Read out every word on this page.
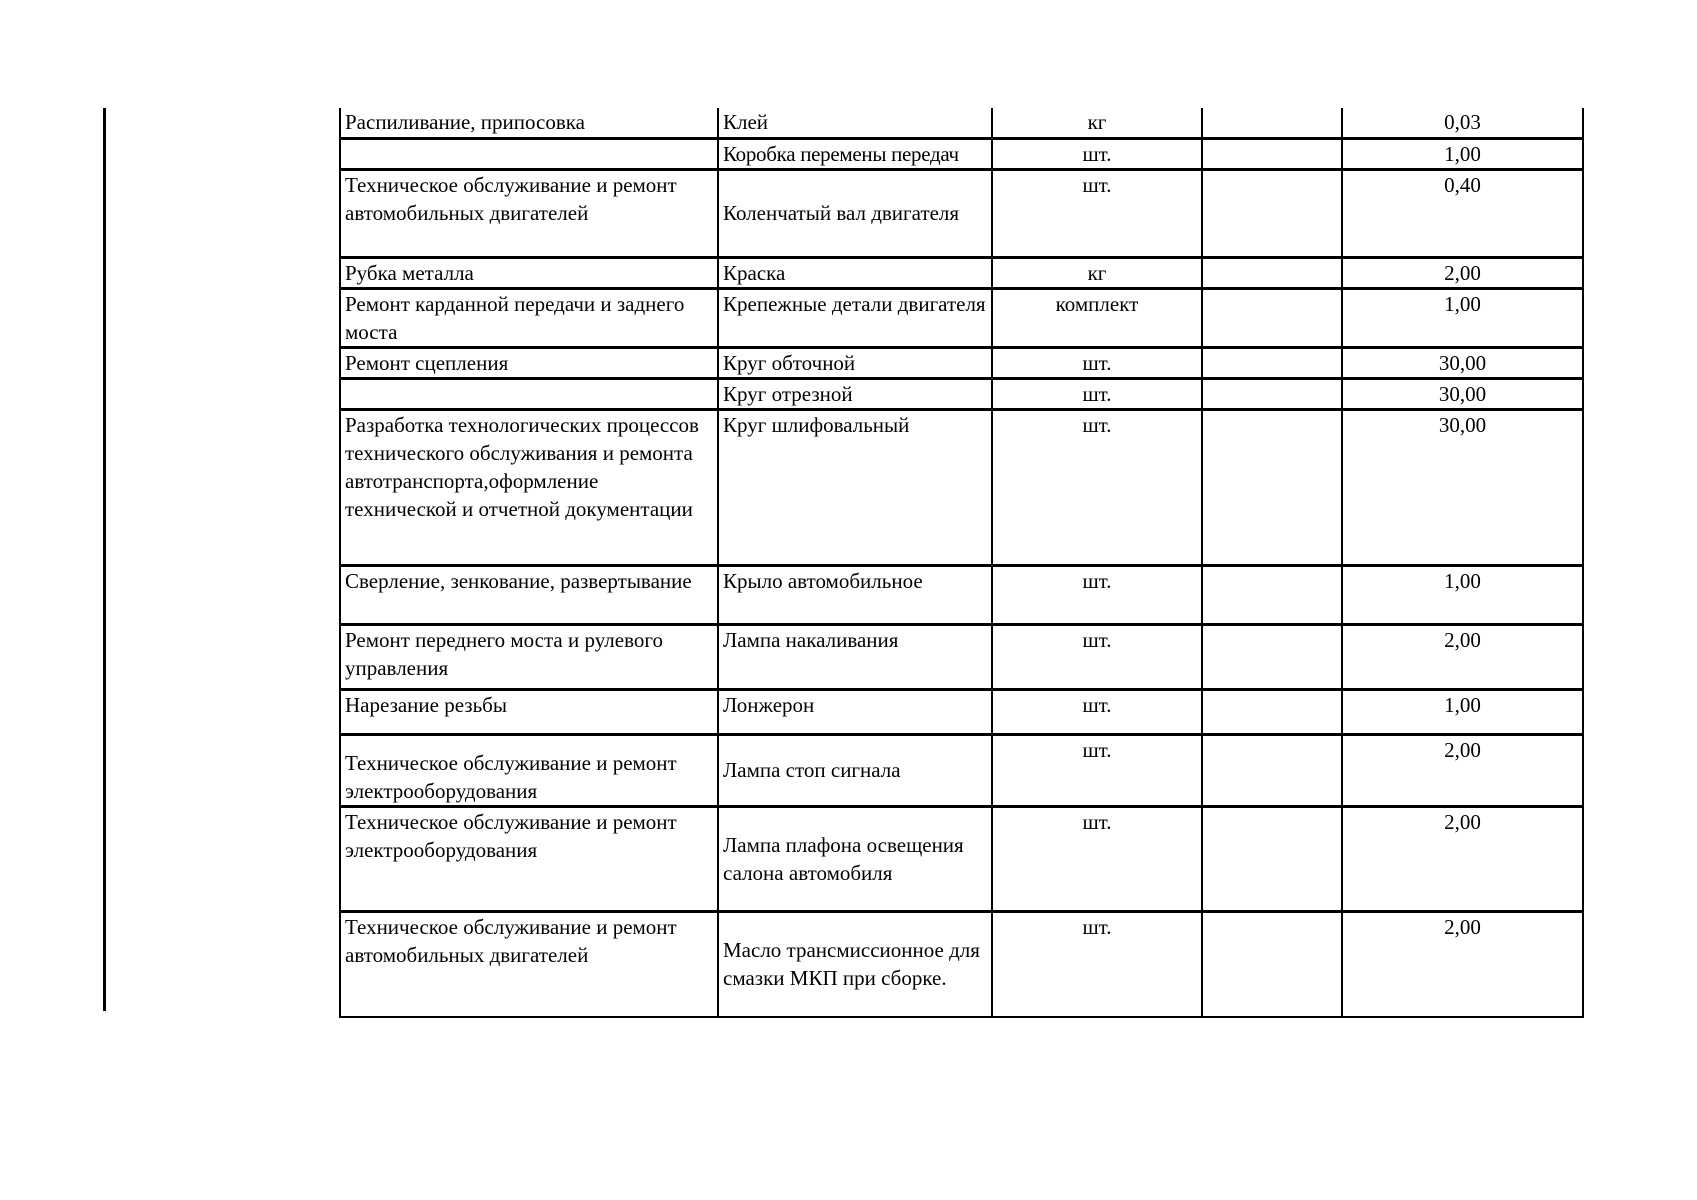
Распиливание, припосовка	Клей	кг		0,03
	Коробка перемены передач	шт.		1,00
Техническое обслуживание и ремонт автомобильных двигателей	Коленчатый вал двигателя	шт.		0,40
Рубка металла	Краска	кг		2,00
Ремонт карданной передачи и заднего моста	Крепежные детали двигателя	комплект		1,00
Ремонт сцепления	Круг обточной	шт.		30,00
	Круг отрезной	шт.		30,00

Разработка технологических процессов технического обслуживания и ремонта автотранспорта,оформление технической и отчетной документации	Круг шлифовальный	шт.		30,00
Сверление, зенкование, развертывание	Крыло автомобильное	шт.		1,00
Ремонт переднего моста и рулевого управления	Лампа накаливания	шт.		2,00
Нарезание резьбы	Лонжерон	шт.		1,00
Техническое обслуживание и ремонт электрооборудования	Лампа стоп сигнала	шт.		2,00
Техническое обслуживание и ремонт электрооборудования	Лампа плафона освещения салона автомобиля	шт.		2,00
Техническое обслуживание и ремонт автомобильных двигателей	Масло трансмиссионное для смазки МКП при сборке.	шт.		2,00
